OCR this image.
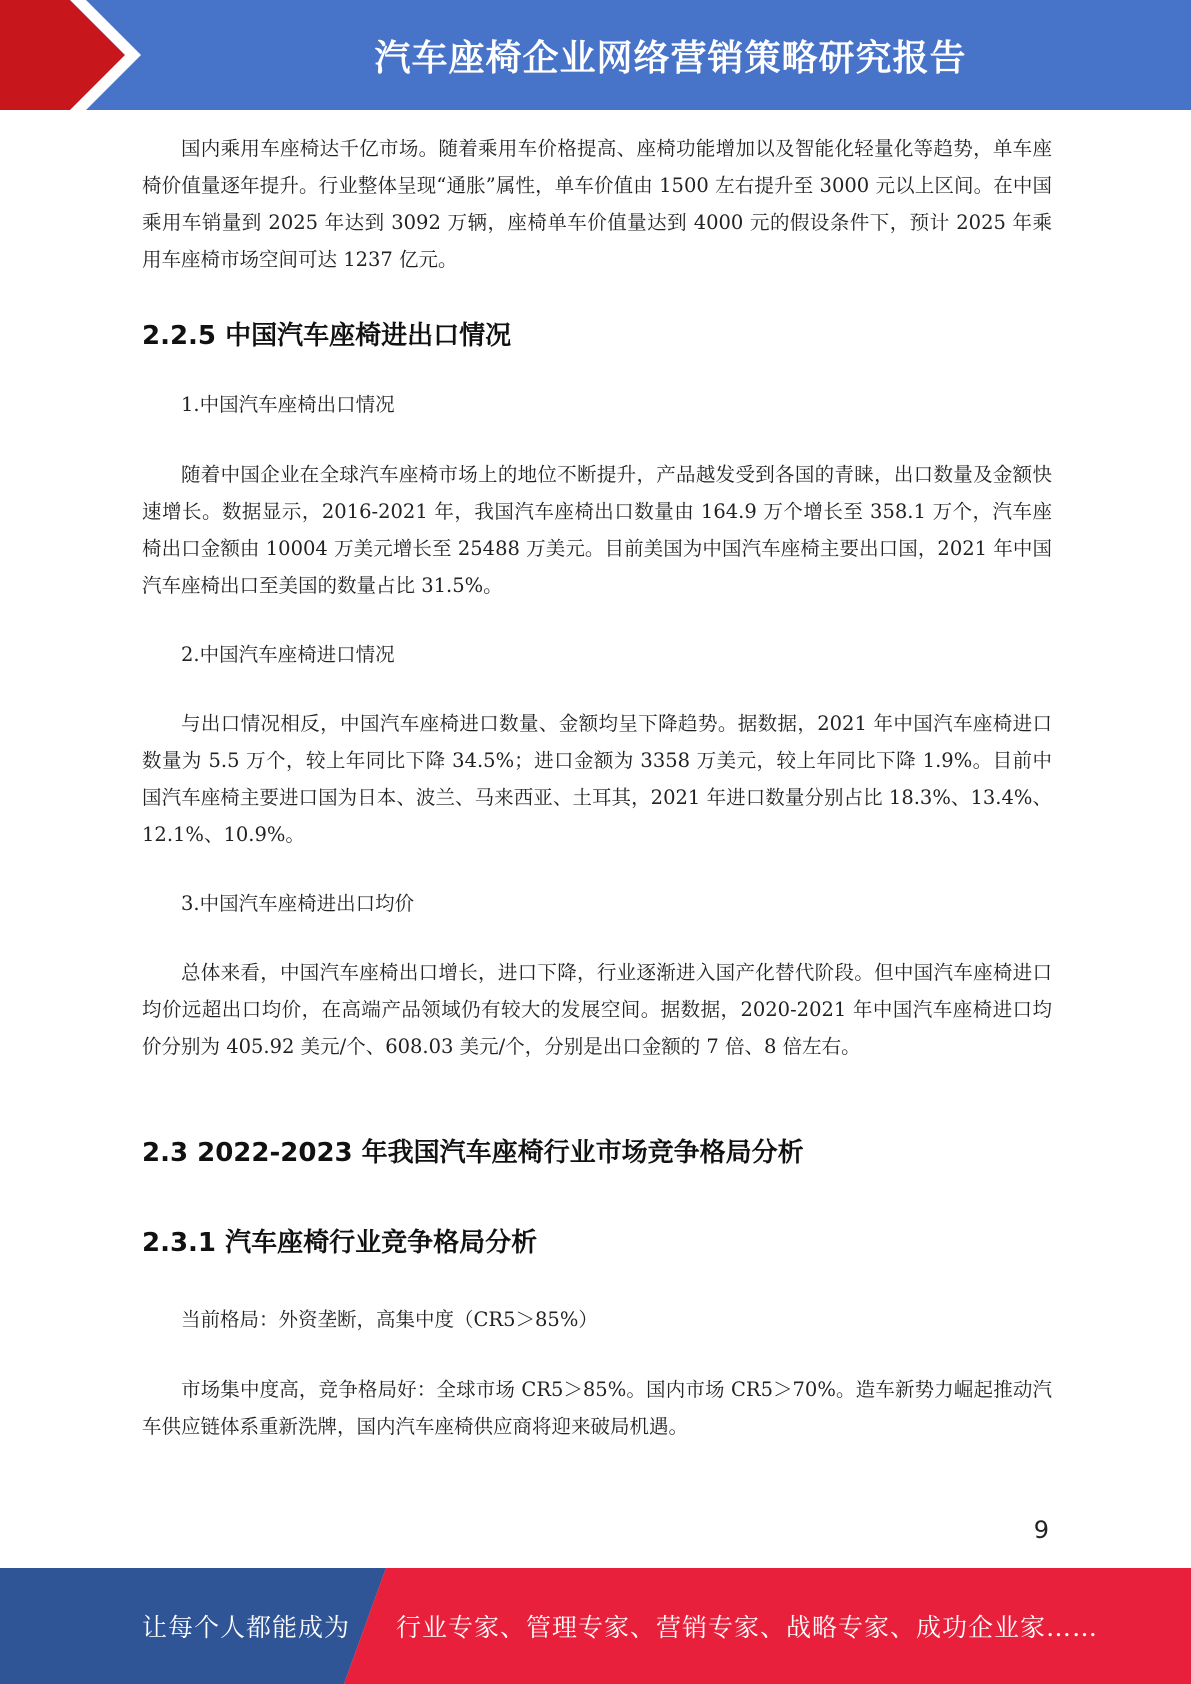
汽车座椅企业网络营销策略研究报告

国内乘用车座椅达千亿市场。随着乘用车价格提高、座椅功能增加以及智能化轻量化等趋势，单车座椅价值量逐年提升。行业整体呈现“通胀”属性，单车价值由 1500 左右提升至 3000 元以上区间。在中国乘用车销量到 2025 年达到 3092 万辆，座椅单车价值量达到 4000 元的假设条件下，预计 2025 年乘用车座椅市场空间可达 1237 亿元。

2.2.5 中国汽车座椅进出口情况

1.中国汽车座椅出口情况

随着中国企业在全球汽车座椅市场上的地位不断提升，产品越发受到各国的青睐，出口数量及金额快速增长。数据显示，2016-2021 年，我国汽车座椅出口数量由 164.9 万个增长至 358.1 万个，汽车座椅出口金额由 10004 万美元增长至 25488 万美元。目前美国为中国汽车座椅主要出口国，2021 年中国汽车座椅出口至美国的数量占比 31.5%。

2.中国汽车座椅进口情况

与出口情况相反，中国汽车座椅进口数量、金额均呈下降趋势。据数据，2021 年中国汽车座椅进口数量为 5.5 万个，较上年同比下降 34.5%；进口金额为 3358 万美元，较上年同比下降 1.9%。目前中国汽车座椅主要进口国为日本、波兰、马来西亚、土耳其，2021 年进口数量分别占比 18.3%、13.4%、12.1%、10.9%。

3.中国汽车座椅进出口均价

总体来看，中国汽车座椅出口增长，进口下降，行业逐渐进入国产化替代阶段。但中国汽车座椅进口均价远超出口均价，在高端产品领域仍有较大的发展空间。据数据，2020-2021 年中国汽车座椅进口均价分别为 405.92 美元/个、608.03 美元/个，分别是出口金额的 7 倍、8 倍左右。

2.3 2022-2023 年我国汽车座椅行业市场竞争格局分析
2.3.1 汽车座椅行业竞争格局分析

当前格局：外资垄断，高集中度（CR5＞85%）

市场集中度高，竞争格局好：全球市场 CR5＞85%。国内市场 CR5＞70%。造车新势力崛起推动汽车供应链体系重新洗牌，国内汽车座椅供应商将迎来破局机遇。

9
让每个人都能成为 行业专家、管理专家、营销专家、战略专家、成功企业家……
